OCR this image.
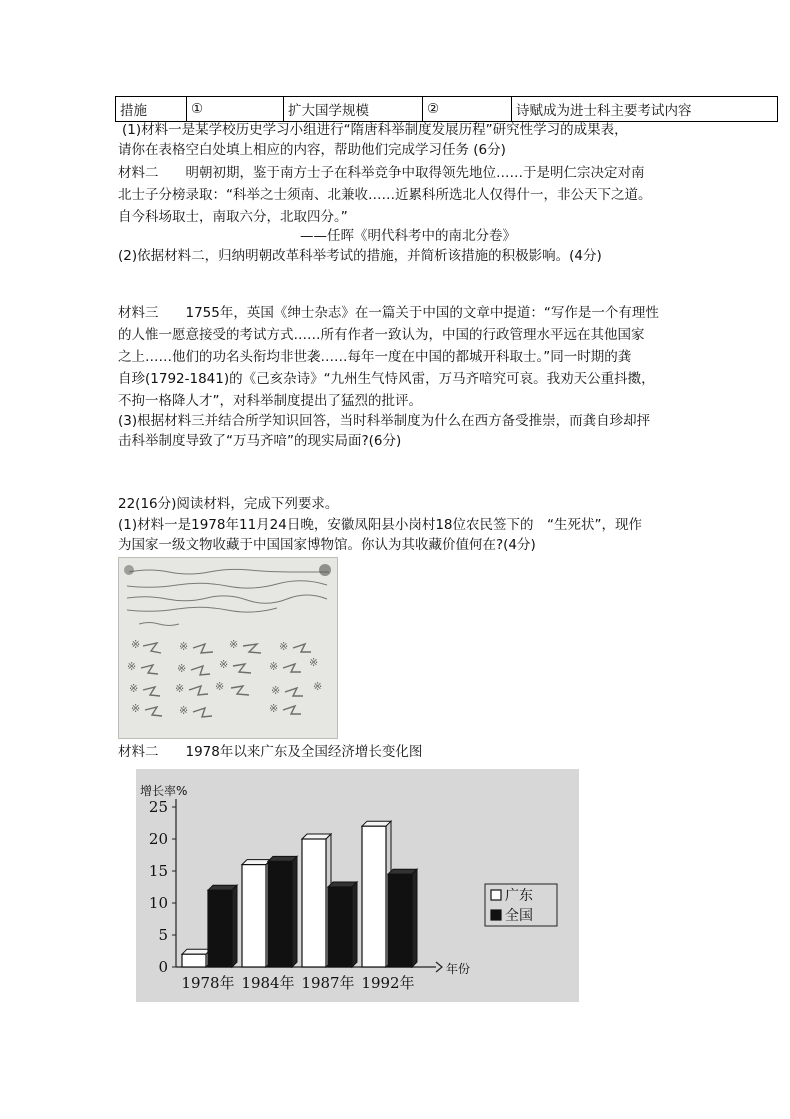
措施	①	扩大国学规模	②	诗赋成为进士科主要考试内容
(1)材料一是某学校历史学习小组进行“隋唐科举制度发展历程”研究性学习的成果表，
请你在表格空白处填上相应的内容，帮助他们完成学习任务 (6分)
材料二　　明朝初期，鉴于南方士子在科举竞争中取得领先地位……于是明仁宗决定对南
北士子分榜录取：“科举之士须南、北兼收……近累科所选北人仅得什一，非公天下之道。
自今科场取士，南取六分，北取四分。”
——任晖《明代科考中的南北分卷》
(2)依据材料二，归纳明朝改革科举考试的措施，并简析该措施的积极影响。(4分)
材料三　　1755年，英国《绅士杂志》在一篇关于中国的文章中提道：“写作是一个有理性
的人惟一愿意接受的考试方式……所有作者一致认为，中国的行政管理水平远在其他国家
之上……他们的功名头衔均非世袭……每年一度在中国的都城开科取士。”同一时期的龚
自珍(1792-1841)的《己亥杂诗》“九州生气恃风雷，万马齐喑究可哀。我劝天公重抖擞，
不拘一格降人才”，对科举制度提出了猛烈的批评。
(3)根据材料三并结合所学知识回答，当时科举制度为什么在西方备受推崇，而龚自珍却抨
击科举制度导致了“万马齐喑”的现实局面?(6分)
22(16分)阅读材料，完成下列要求。
(1)材料一是1978年11月24日晚，安徽凤阳县小岗村18位农民签下的　“生死状”，现作
为国家一级文物收藏于中国国家博物馆。你认为其收藏价值何在?(4分)
※	※	※	※
※	※	※	※	※
※	※	※	※	※
※	※	※
材料二　　1978年以来广东及全国经济增长变化图
增长率%
0
5
10
15
20
25
1978年 1984年 1987年 1992年
年份
广东
全国
